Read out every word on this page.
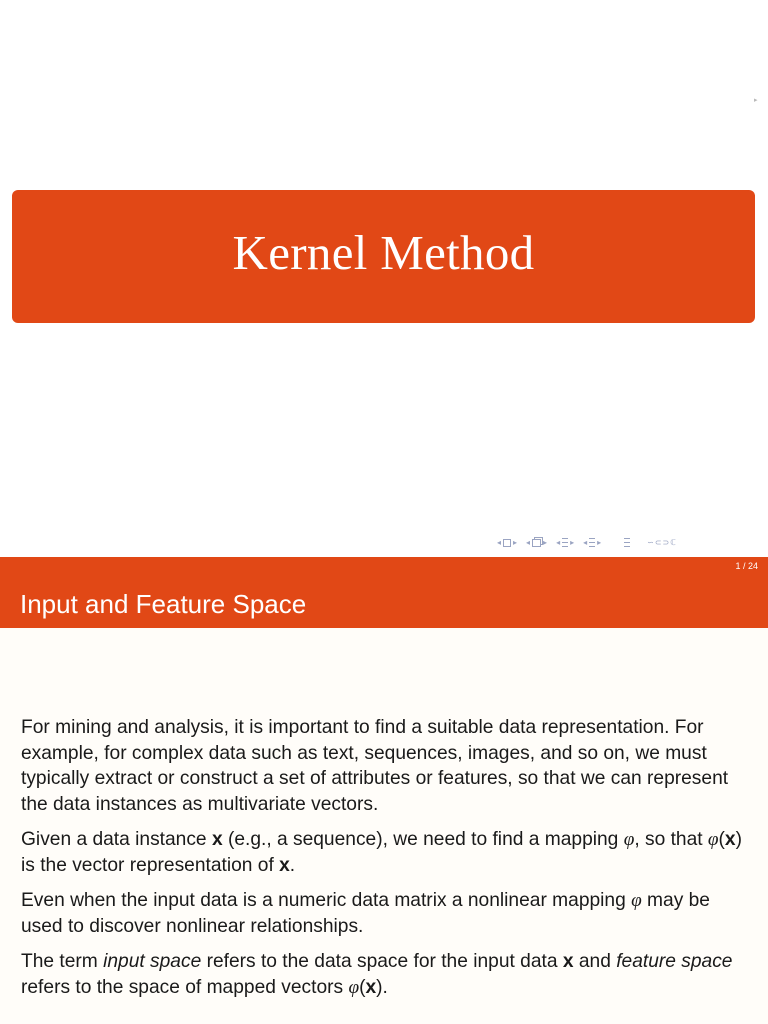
▸
Kernel Method
◂ ▸ ◂ ▸ ◂ ▸ ◂ ▸	∽⊂⊃ℂ
1 / 24
Input and Feature Space

For mining and analysis, it is important to find a suitable data representation. For example, for complex data such as text, sequences, images, and so on, we must typically extract or construct a set of attributes or features, so that we can represent the data instances as multivariate vectors.

Given a data instance x (e.g., a sequence), we need to find a mapping φ, so that φ(x) is the vector representation of x.

Even when the input data is a numeric data matrix a nonlinear mapping φ may be used to discover nonlinear relationships.

The term input space refers to the data space for the input data x and feature space refers to the space of mapped vectors φ(x).
